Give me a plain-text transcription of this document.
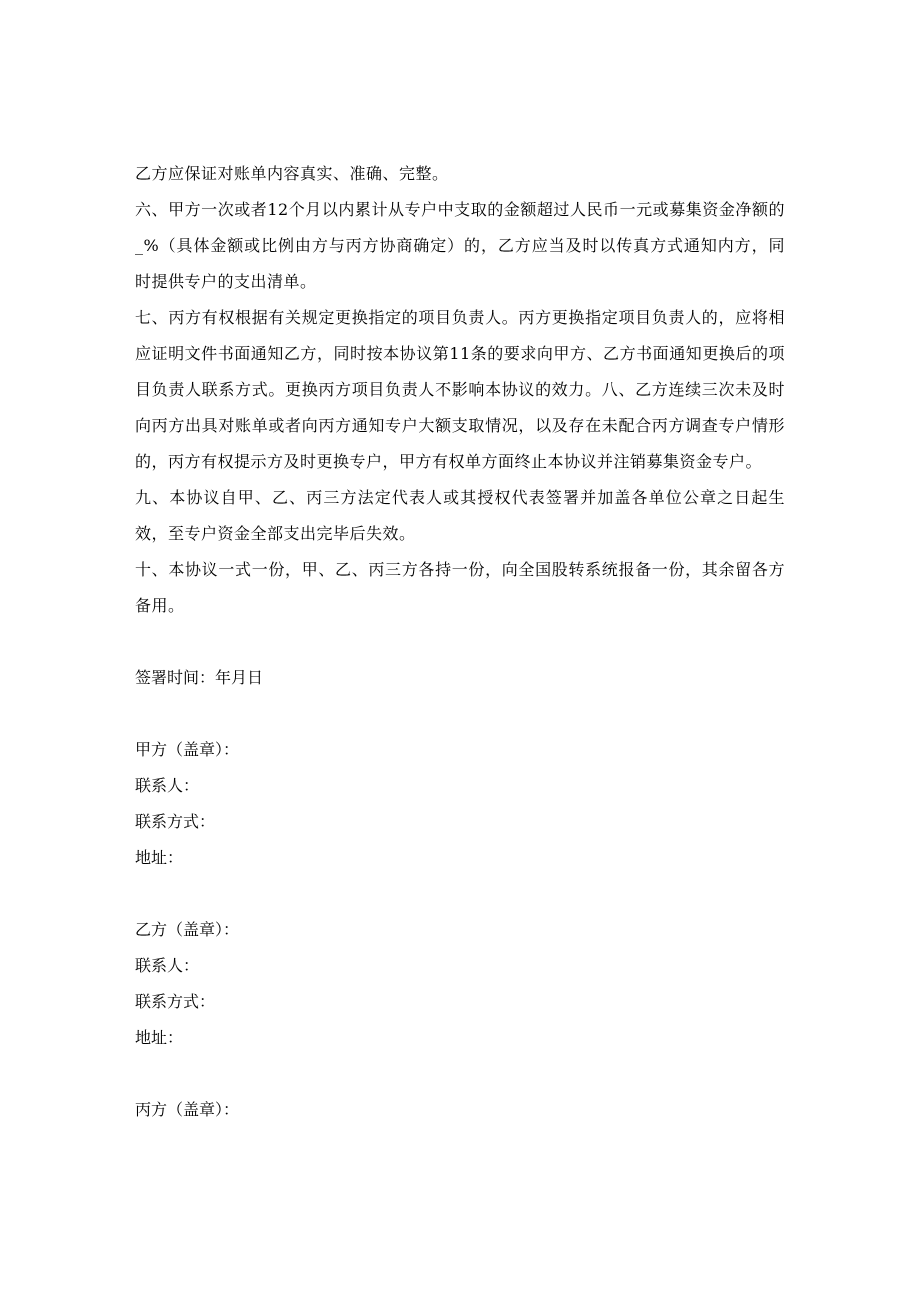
乙方应保证对账单内容真实、准确、完整。

六、甲方一次或者12个月以内累计从专户中支取的金额超过人民币一元或募集资金净额的_%（具体金额或比例由方与丙方协商确定）的，乙方应当及时以传真方式通知内方，同时提供专户的支出清单。

七、丙方有权根据有关规定更换指定的项目负责人。丙方更换指定项目负责人的，应将相应证明文件书面通知乙方，同时按本协议第11条的要求向甲方、乙方书面通知更换后的项目负责人联系方式。更换丙方项目负责人不影响本协议的效力。八、乙方连续三次未及时向丙方出具对账单或者向丙方通知专户大额支取情况，以及存在未配合丙方调查专户情形的，丙方有权提示方及时更换专户，甲方有权单方面终止本协议并注销募集资金专户。

九、本协议自甲、乙、丙三方法定代表人或其授权代表签署并加盖各单位公章之日起生效，至专户资金全部支出完毕后失效。

十、本协议一式一份，甲、乙、丙三方各持一份，向全国股转系统报备一份，其余留各方备用。

签署时间：年月日

甲方（盖章）：

联系人：

联系方式：

地址：

乙方（盖章）：

联系人：

联系方式：

地址：

丙方（盖章）：
